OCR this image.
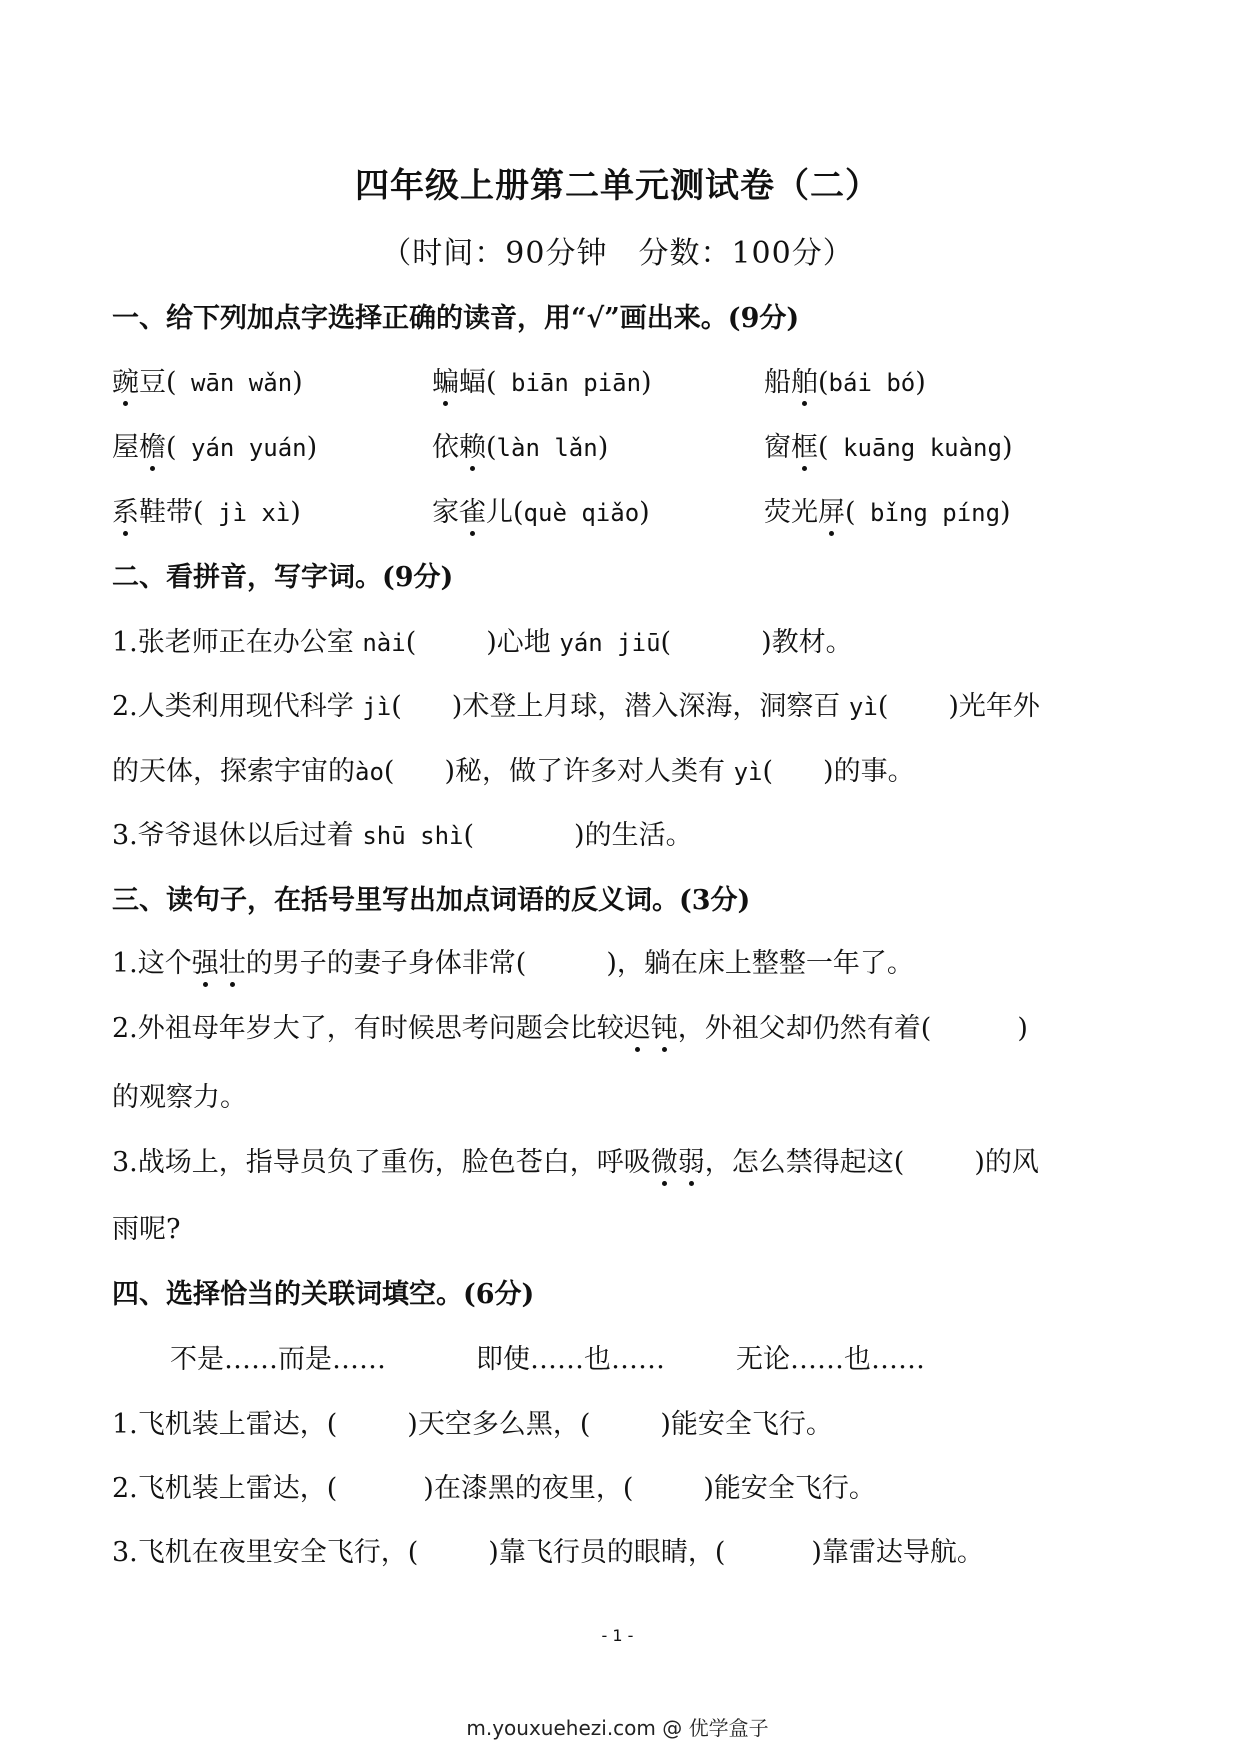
四年级上册第二单元测试卷（二）
（时间：90分钟　分数：100分）
一、给下列加点字选择正确的读音，用“√”画出来。(9分)
豌豆( wān wǎn)	蝙蝠( biān piān)	船舶(bái bó)
屋檐( yán yuán)	依赖(làn lǎn)	窗框( kuāng kuàng)
系鞋带( jì xì)	家雀儿(què qiǎo)	荧光屏( bǐng píng)
二、看拼音，写字词。(9分)
1.张老师正在办公室 nài(	)心地 yán jiū(	)教材。
2.人类利用现代科学 jì( )术登上月球，潜入深海，洞察百 yì( )光年外
的天体，探索宇宙的ào( )秘，做了许多对人类有 yì( )的事。
3.爷爷退休以后过着 shū shì(	)的生活。
三、读句子，在括号里写出加点词语的反义词。(3分)
1.这个强壮的男子的妻子身体非常(	)，躺在床上整整一年了。
2.外祖母年岁大了，有时候思考问题会比较迟钝，外祖父却仍然有着(	)
的观察力。
3.战场上，指导员负了重伤，脸色苍白，呼吸微弱，怎么禁得起这(	)的风
雨呢?
四、选择恰当的关联词填空。(6分)
不是……而是……	即使……也……	无论……也……
1.飞机装上雷达，(	)天空多么黑，(	)能安全飞行。
2.飞机装上雷达，(	)在漆黑的夜里，(	)能安全飞行。
3.飞机在夜里安全飞行，(	)靠飞行员的眼睛，(	)靠雷达导航。
- 1 -
m.youxuehezi.com @ 优学盒子
